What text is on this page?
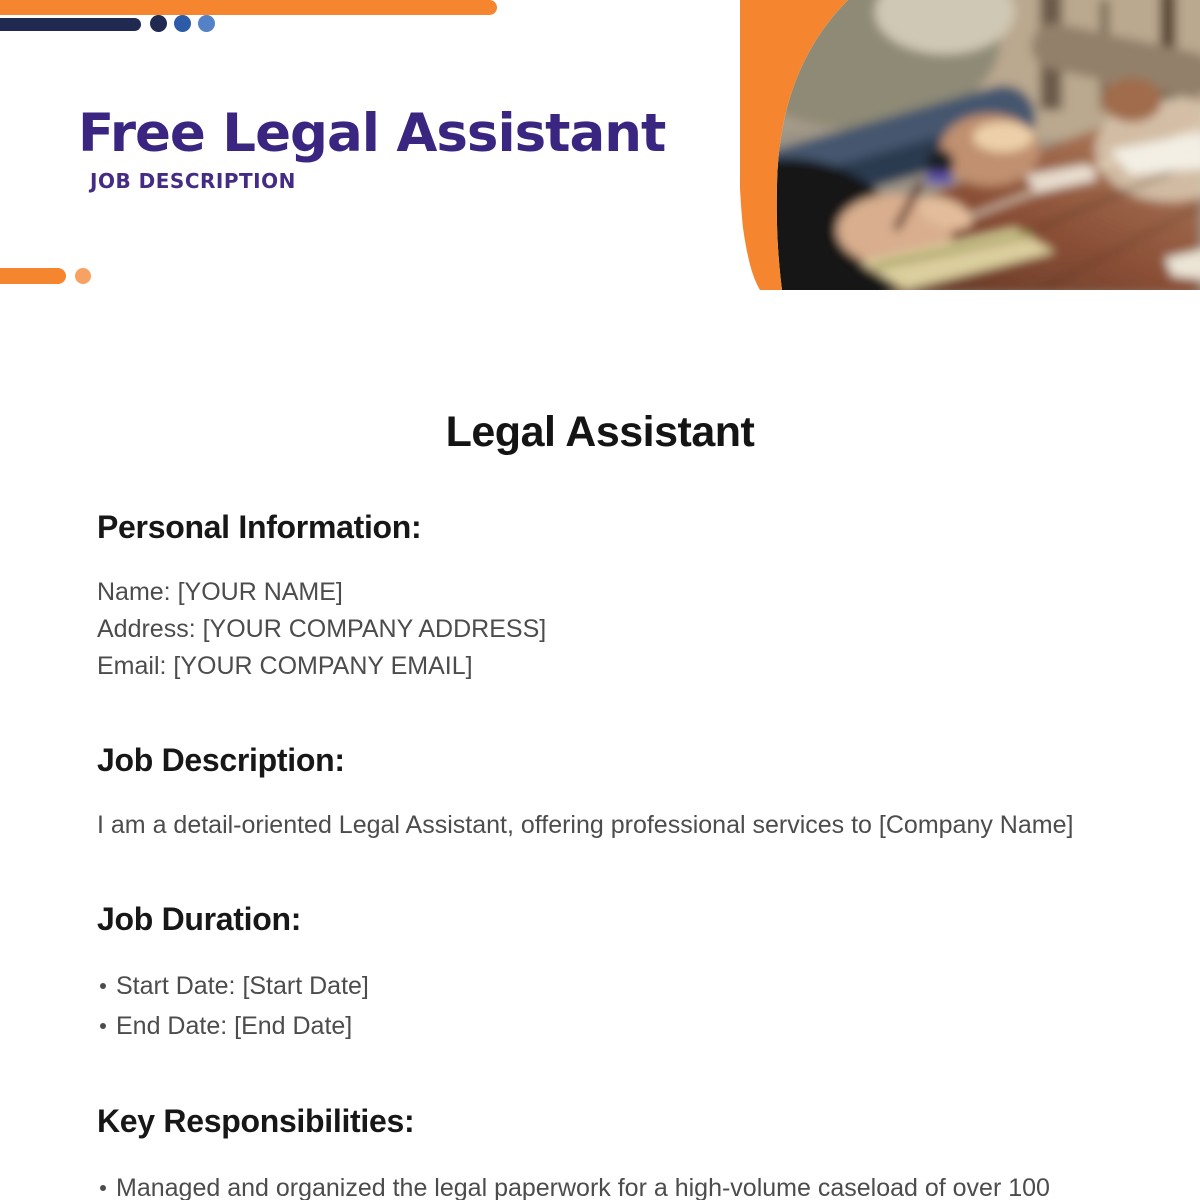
Free Legal Assistant
JOB DESCRIPTION
Legal Assistant
Personal Information:
Name: [YOUR NAME]
Address: [YOUR COMPANY ADDRESS]
Email: [YOUR COMPANY EMAIL]
Job Description:

I am a detail-oriented Legal Assistant, offering professional services to [Company Name]

Job Duration:
Start Date: [Start Date]
End Date: [End Date]
Key Responsibilities:
Managed and organized the legal paperwork for a high-volume caseload of over 100
